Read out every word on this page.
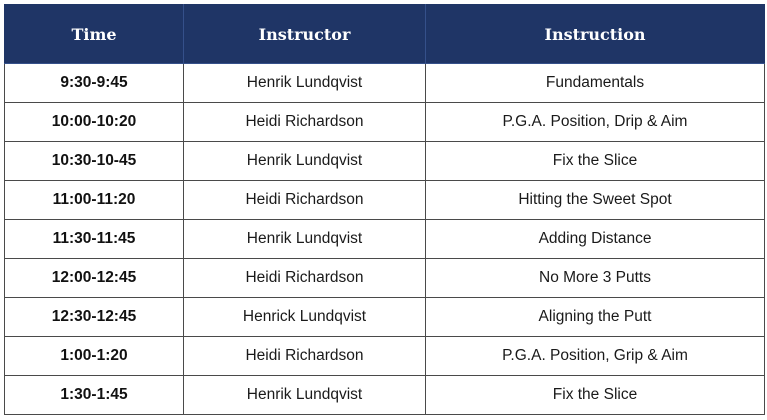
Time	Instructor	Instruction
9:30-9:45	Henrik Lundqvist	Fundamentals
10:00-10:20	Heidi Richardson	P.G.A. Position, Drip & Aim
10:30-10-45	Henrik Lundqvist	Fix the Slice
11:00-11:20	Heidi Richardson	Hitting the Sweet Spot
11:30-11:45	Henrik Lundqvist	Adding Distance
12:00-12:45	Heidi Richardson	No More 3 Putts
12:30-12:45	Henrick Lundqvist	Aligning the Putt
1:00-1:20	Heidi Richardson	P.G.A. Position, Grip & Aim
1:30-1:45	Henrik Lundqvist	Fix the Slice
